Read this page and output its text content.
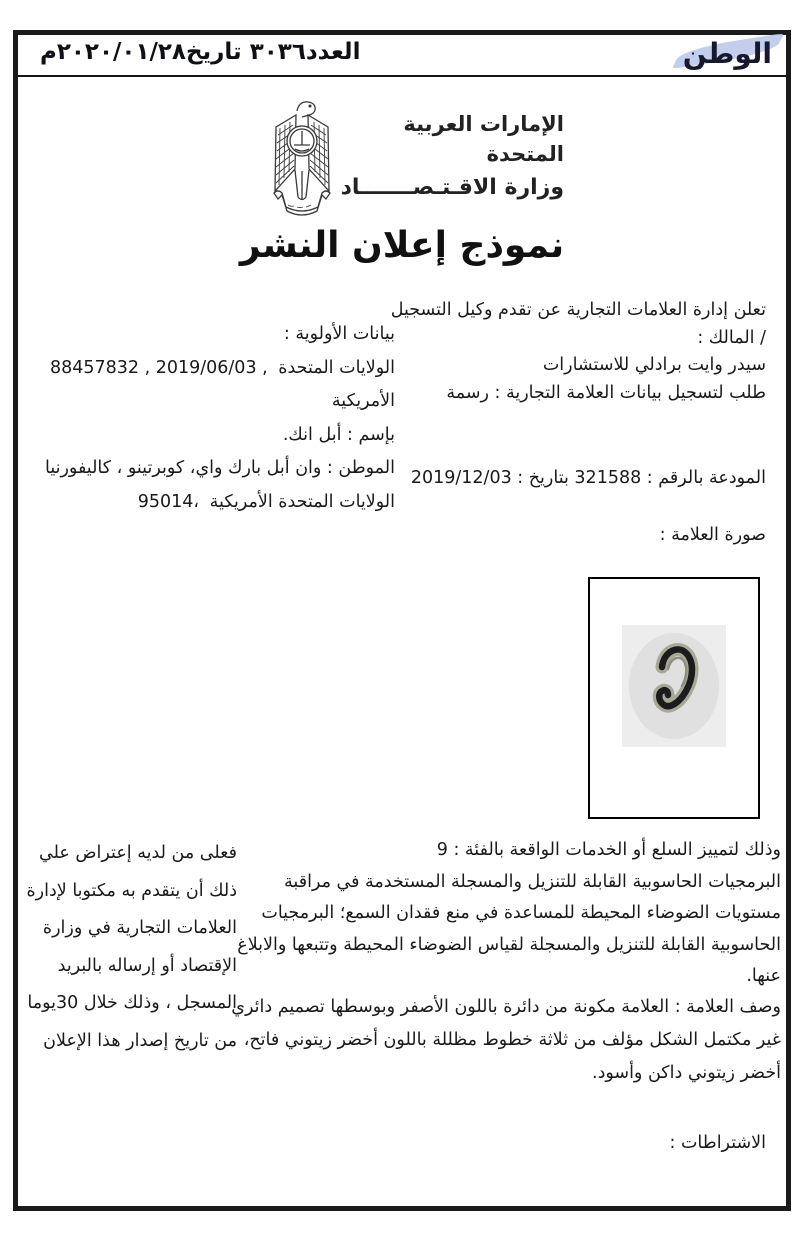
العدد٣٠٣٦ تاريخ٢٠٢٠/٠١/٢٨م	الوطن
الإمارات العربية المتحدة
وزارة الاقـتـصـــــــاد
نموذج إعلان النشر
تعلن إدارة العلامات التجارية عن تقدم وكيل التسجيل / المالك :
سيدر وايت برادلي للاستشارات
طلب لتسجيل بيانات العلامة التجارية : رسمة
المودعة بالرقم : 321588 بتاريخ : 2019/12/03
بيانات الأولوية :
88457832 , 2019/06/03 , الولايات المتحدة
الأمريكية
بإسم : أبل انك.
الموطن : وان أبل بارك واي، كوبرتينو ، كاليفورنيا
95014، الولايات المتحدة الأمريكية
صورة العلامة :
وذلك لتمييز السلع أو الخدمات الواقعة بالفئة : 9
البرمجيات الحاسوبية القابلة للتنزيل والمسجلة المستخدمة في مراقبة مستويات الضوضاء المحيطة للمساعدة في منع فقدان السمع؛ البرمجيات الحاسوبية القابلة للتنزيل والمسجلة لقياس الضوضاء المحيطة وتتبعها والابلاغ عنها.
فعلى من لديه إعتراض علي ذلك أن يتقدم به مكتوبا لإدارة العلامات التجارية في وزارة الإقتصاد أو إرساله بالبريد المسجل ، وذلك خلال 30يوما من تاريخ إصدار هذا الإعلان
وصف العلامة : العلامة مكونة من دائرة باللون الأصفر وبوسطها تصميم دائري غير مكتمل الشكل مؤلف من ثلاثة خطوط مظللة باللون أخضر زيتوني فاتح، أخضر زيتوني داكن وأسود.
الاشتراطات :
